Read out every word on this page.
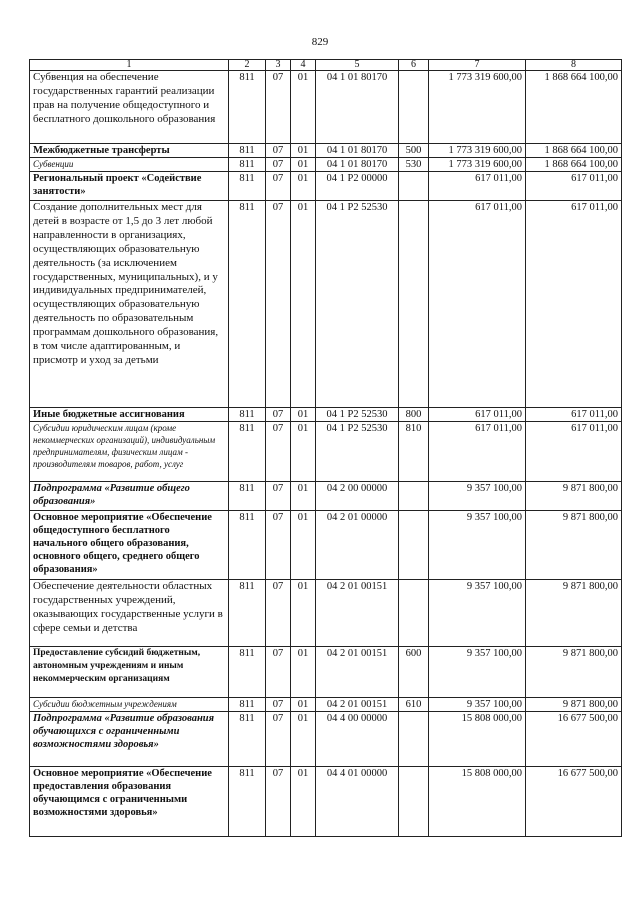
829
1	2	3	4	5	6	7	8
Субвенция на обеспечение государственных гарантий реализации прав на получение общедоступного и бесплатного дошкольного образования	811	07	01	04 1 01 80170		1 773 319 600,00	1 868 664 100,00
Межбюджетные трансферты	811	07	01	04 1 01 80170	500	1 773 319 600,00	1 868 664 100,00
Субвенции	811	07	01	04 1 01 80170	530	1 773 319 600,00	1 868 664 100,00
Региональный проект «Содействие занятости»	811	07	01	04 1 Р2 00000		617 011,00	617 011,00
Создание дополнительных мест для детей в возрасте от 1,5 до 3 лет любой направленности в организациях, осуществляющих образовательную деятельность (за исключением государственных, муниципальных), и у индивидуальных предпринимателей, осуществляющих образовательную деятельность по образовательным программам дошкольного образования, в том числе адаптированным, и присмотр и уход за детьми	811	07	01	04 1 Р2 52530		617 011,00	617 011,00
Иные бюджетные ассигнования	811	07	01	04 1 Р2 52530	800	617 011,00	617 011,00
Субсидии юридическим лицам (кроме некоммерческих организаций), индивидуальным предпринимателям, физическим лицам - производителям товаров, работ, услуг	811	07	01	04 1 Р2 52530	810	617 011,00	617 011,00
Подпрограмма «Развитие общего образования»	811	07	01	04 2 00 00000		9 357 100,00	9 871 800,00
Основное мероприятие «Обеспечение общедоступного бесплатного начального общего образования, основного общего, среднего общего образования»	811	07	01	04 2 01 00000		9 357 100,00	9 871 800,00
Обеспечение деятельности областных государственных учреждений, оказывающих государственные услуги в сфере семьи и детства	811	07	01	04 2 01 00151		9 357 100,00	9 871 800,00
Предоставление субсидий бюджетным, автономным учреждениям и иным некоммерческим организациям	811	07	01	04 2 01 00151	600	9 357 100,00	9 871 800,00
Субсидии бюджетным учреждениям	811	07	01	04 2 01 00151	610	9 357 100,00	9 871 800,00
Подпрограмма «Развитие образования обучающихся с ограниченными возможностями здоровья»	811	07	01	04 4 00 00000		15 808 000,00	16 677 500,00
Основное мероприятие «Обеспечение предоставления образования обучающимся с ограниченными возможностями здоровья»	811	07	01	04 4 01 00000		15 808 000,00	16 677 500,00
